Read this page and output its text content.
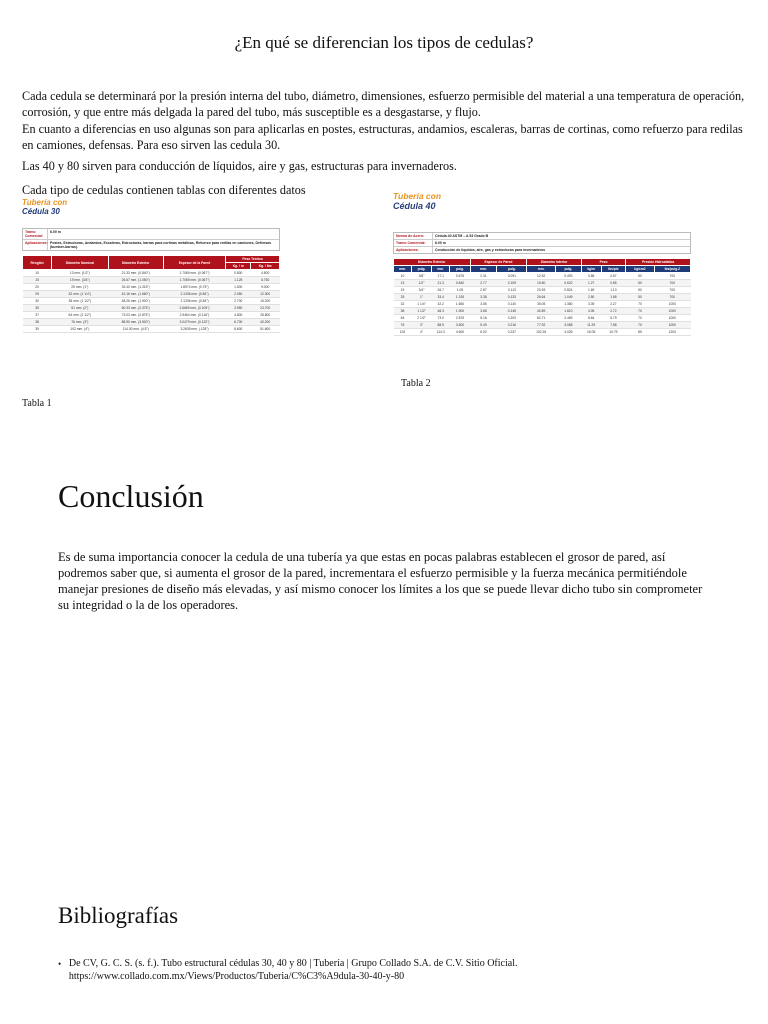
¿En qué se diferencian los tipos de cedulas?
Cada cedula se determinará por la presión interna del tubo, diámetro, dimensiones, esfuerzo permisible del material a una temperatura de operación, corrosión, y que entre más delgada la pared del tubo, más susceptible es a desgastarse, y flujo.
En cuanto a diferencias en uso algunas son para aplicarlas en postes, estructuras, andamios, escaleras, barras de cortinas, como refuerzo para redilas en camiones, defensas. Para eso sirven las cedula 30.
Las 40 y 80 sirven para conducción de líquidos, aire y gas, estructuras para invernaderos.
Cada tipo de cedulas contienen tablas con diferentes datos
Tubería con
Cédula 30
Tramo Comercial:
6.00 m
Aplicaciones: Postes, Estructuras, Andamios, Escaleras, Estructuras, barras para cortinas metálicas, Refuerzo para redilas en camiones, Defensas (bumber-barras).
Renglón	Diámetro Nominal	Diámetro Exterior	Espesor de la Pared	Peso Teórico	
				Kg. / m	Kg. / 6m
10	13 mm. (1/2")	21.33 mm. (0.840")	1.7069 mm. (0.067")	0.800	4.800
15	19 mm. (3/4")	26.67 mm. (1.050")	1.7069 mm. (0.067")	1.125	6.750
20	25 mm. (1")	33.40 mm. (1.315")	1.8974 mm. (0.75")	1.500	9.000
25	32 mm. (1 1/4")	42.16 mm. (1.660")	2.1336 mm. (0.84")	2.050	12.300
30	38 mm. (1 1/2")	48.26 mm. (1.900")	2.1336 mm. (0.84")	2.700	16.200
35	51 mm. (2")	60.33 mm. (2.375")	2.6669 mm. (0.105")	3.950	23.700
37	64 mm. (2 1/2")	73.03 mm. (2.875")	2.9464 mm. (0.116")	4.800	28.800
38	76 mm. (3")	88.90 mm. (3.500")	3.0479 mm. (0.120")	6.700	40.200
39	102 mm. (4")	114.30 mm. (4.5")	3.2639 mm. (.128")	8.600	51.600
Tubería con
Cédula 40
Norma de Acero:	Cédula 40 ASTM – A 53 Grado B
Tramo Comercial:	6.00 m
Aplicaciones:	Conducción de líquidos, aire, gas y estructuras para invernaderos
Diámetro Exterior				Espesor de Pared		Diámetro Interior		Peso		Presión Hidrostática	
mm.	pulg.	mm.	pulg.	mm.	pulg.	mm.	pulg.	kg/m	lbs/pie	kg/cm2	lbs/pulg.2
10	3/8"	17.1	0.675	2.31	0.091	12.52	0.493	0.85	0.57	50	700
13	1/2"	21.3	0.840	2.77	0.109	15.80	0.622	1.27	0.85	50	700
19	3/4"	26.7	1.05	2.87	0.113	20.93	0.824	1.69	1.13	50	700
25	1"	33.4	1.315	3.38	0.133	26.64	1.049	2.50	1.68	50	700
32	1 1/4"	42.2	1.660	3.56	0.140	35.05	1.380	3.39	2.27	70	1000
38	1 1/2"	48.3	1.900	3.68	0.145	40.89	1.610	4.05	2.72	70	1000
64	2 1/2"	73.0	2.875	5.16	0.203	62.71	2.469	8.64	5.79	70	1000
76	3"	88.9	3.500	5.49	0.216	77.92	3.068	11.29	7.58	70	1000
102	4"	114.3	4.500	6.02	0.237	102.26	4.026	16.05	10.79	85	1200
Tabla 1
Tabla 2
Conclusión
Es de suma importancia conocer la cedula de una tubería ya que estas en pocas palabras establecen el grosor de pared, así podremos saber que, si aumenta el grosor de la pared, incrementara el esfuerzo permisible y la fuerza mecánica permitiéndole manejar presiones de diseño más elevadas, y así mismo conocer los límites a los que se puede llevar dicho tubo sin comprometer su integridad o la de los operadores.
Bibliografías
• De CV, G. C. S. (s. f.). Tubo estructural cédulas 30, 40 y 80 | Tubería | Grupo Collado S.A. de C.V. Sitio Oficial. https://www.collado.com.mx/Views/Productos/Tuberia/C%C3%A9dula-30-40-y-80
